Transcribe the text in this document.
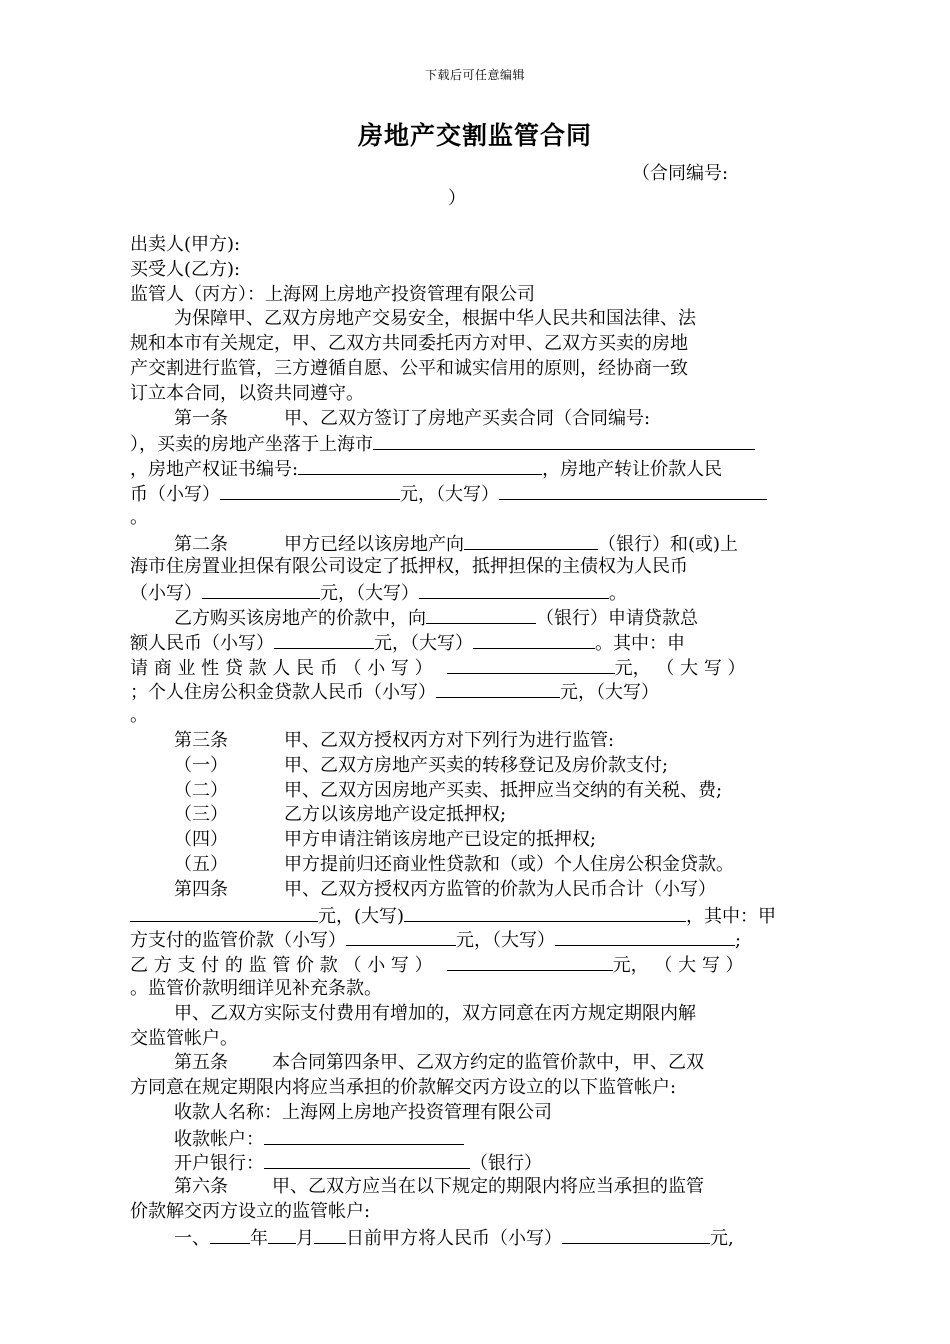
下载后可任意编辑
房地产交割监管合同
（合同编号:
）
出卖人(甲方):
买受人(乙方):
监管人（丙方）：上海网上房地产投资管理有限公司
为保障甲、乙双方房地产交易安全，根据中华人民共和国法律、法
规和本市有关规定，甲、乙双方共同委托丙方对甲、乙双方买卖的房地
产交割进行监管，三方遵循自愿、公平和诚实信用的原则，经协商一致
订立本合同，以资共同遵守。
第一条	甲、乙双方签订了房地产买卖合同（合同编号:
），买卖的房地产坐落于上海市
，房地产权证书编号:	，房地产转让价款人民
币（小写）	元，（大写）
。
第二条	甲方已经以该房地产向	（银行）和(或)上
海市住房置业担保有限公司设定了抵押权，抵押担保的主债权为人民币
（小写）	元，（大写）	。
乙方购买该房地产的价款中，向	（银行）申请贷款总
额人民币（小写）	元，（大写）	。其中：申
请 商 业 性 贷 款 人 民 币 （ 小 写 ）	元， （ 大 写 ）
；个人住房公积金贷款人民币（小写）	元，（大写）
。
第三条	甲、乙双方授权丙方对下列行为进行监管:
（一）	甲、乙双方房地产买卖的转移登记及房价款支付;
（二）	甲、乙双方因房地产买卖、抵押应当交纳的有关税、费;
（三）	乙方以该房地产设定抵押权;
（四）	甲方申请注销该房地产已设定的抵押权;
（五）	甲方提前归还商业性贷款和（或）个人住房公积金贷款。
第四条	甲、乙双方授权丙方监管的价款为人民币合计（小写）
元，(大写)	，其中：甲
方支付的监管价款（小写）	元，（大写）	;
乙 方 支 付 的 监 管 价 款 （ 小 写 ）	元， （ 大 写 ）
。监管价款明细详见补充条款。
甲、乙双方实际支付费用有增加的，双方同意在丙方规定期限内解
交监管帐户。
第五条 本合同第四条甲、乙双方约定的监管价款中，甲、乙双
方同意在规定期限内将应当承担的价款解交丙方设立的以下监管帐户:
收款人名称：上海网上房地产投资管理有限公司
收款帐户：
开户银行：	（银行）
第六条 甲、乙双方应当在以下规定的期限内将应当承担的监管
价款解交丙方设立的监管帐户:
一、 年 月 日前甲方将人民币（小写）	元,
